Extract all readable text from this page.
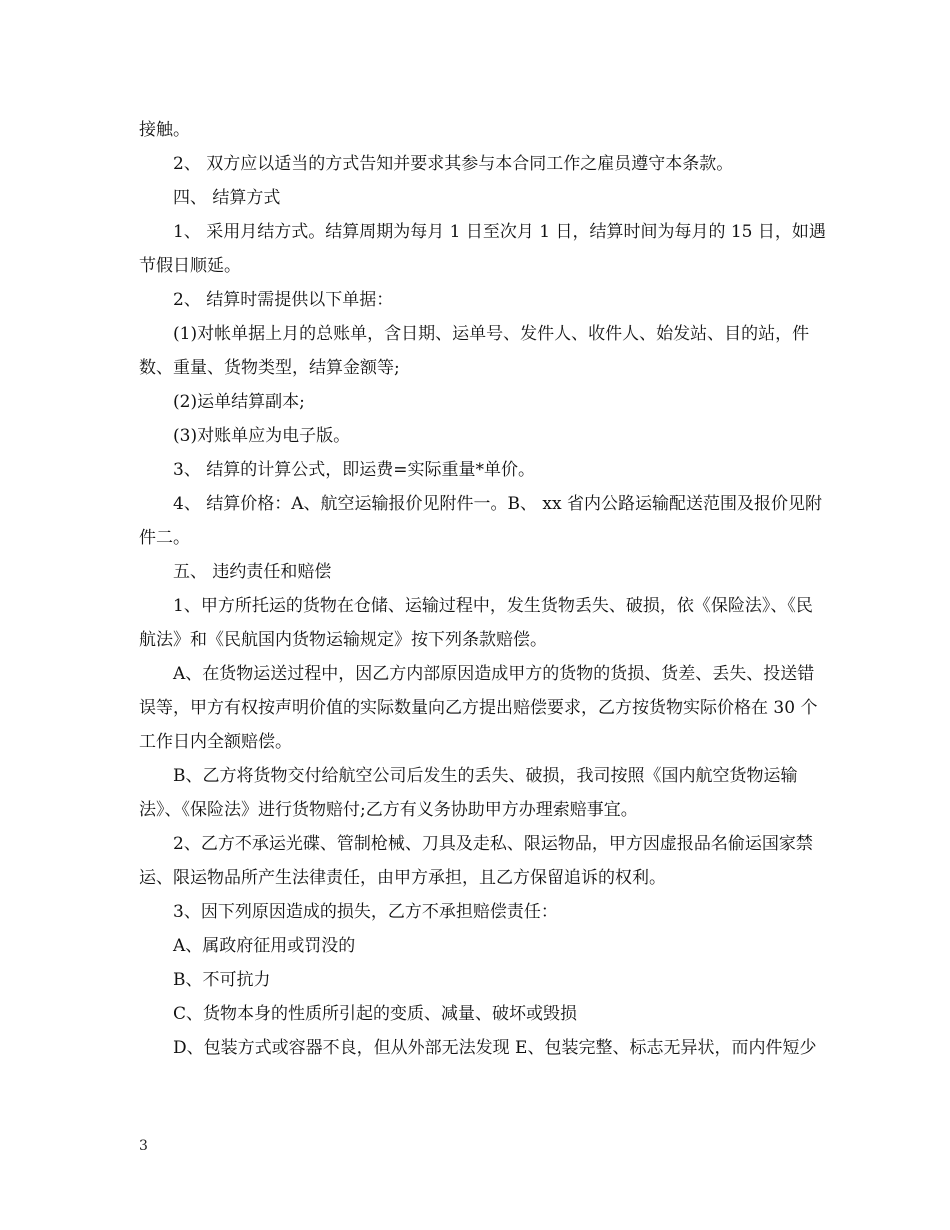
接触。

2、 双方应以适当的方式告知并要求其参与本合同工作之雇员遵守本条款。

四、 结算方式

1、 采用月结方式。结算周期为每月 1 日至次月 1 日，结算时间为每月的 15 日，如遇节假日顺延。

2、 结算时需提供以下单据：

(1)对帐单据上月的总账单，含日期、运单号、发件人、收件人、始发站、目的站，件数、重量、货物类型，结算金额等;

(2)运单结算副本;

(3)对账单应为电子版。

3、 结算的计算公式，即运费=实际重量*单价。

4、 结算价格：A、航空运输报价见附件一。B、 xx 省内公路运输配送范围及报价见附件二。

五、 违约责任和赔偿

1、甲方所托运的货物在仓储、运输过程中，发生货物丢失、破损，依《保险法》、《民航法》和《民航国内货物运输规定》按下列条款赔偿。

A、在货物运送过程中，因乙方内部原因造成甲方的货物的货损、货差、丢失、投送错误等，甲方有权按声明价值的实际数量向乙方提出赔偿要求，乙方按货物实际价格在 30 个工作日内全额赔偿。

B、乙方将货物交付给航空公司后发生的丢失、破损，我司按照《国内航空货物运输法》、《保险法》进行货物赔付;乙方有义务协助甲方办理索赔事宜。

2、乙方不承运光碟、管制枪械、刀具及走私、限运物品，甲方因虚报品名偷运国家禁运、限运物品所产生法律责任，由甲方承担，且乙方保留追诉的权利。

3、因下列原因造成的损失，乙方不承担赔偿责任：

A、属政府征用或罚没的

B、不可抗力

C、货物本身的性质所引起的变质、减量、破坏或毁损

D、包装方式或容器不良，但从外部无法发现 E、包装完整、标志无异状，而内件短少

3
